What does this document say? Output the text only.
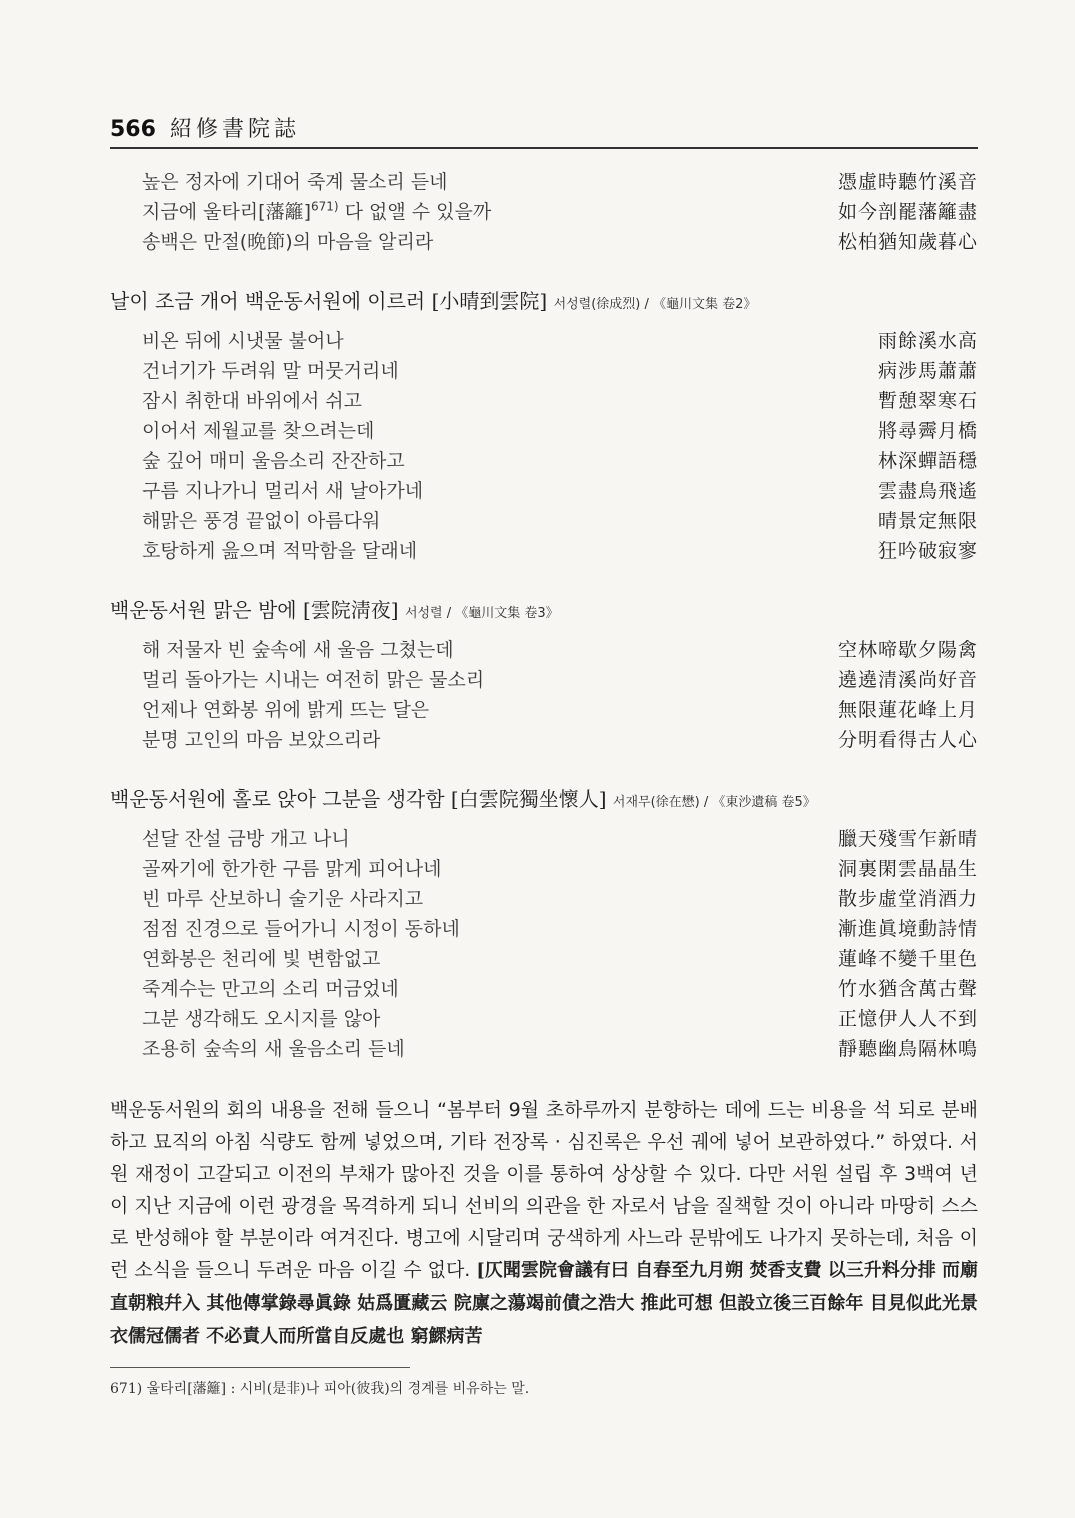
566 紹修書院誌
높은 정자에 기대어 죽계 물소리 듣네	憑虛時聽竹溪音
지금에 울타리[藩籬]$^{671)}$ 다 없앨 수 있을까	如今剖罷藩籬盡
송백은 만절(晩節)의 마음을 알리라	松柏猶知歲暮心
날이 조금 개어 백운동서원에 이르러 [小晴到雲院] 서성렬(徐成烈) / 《龜川文集 卷2》
비온 뒤에 시냇물 불어나	雨餘溪水高
건너기가 두려워 말 머뭇거리네	病涉馬蕭蕭
잠시 취한대 바위에서 쉬고	暫憩翠寒石
이어서 제월교를 찾으려는데	將尋霽月橋
숲 깊어 매미 울음소리 잔잔하고	林深蟬語穩
구름 지나가니 멀리서 새 날아가네	雲盡鳥飛遙
해맑은 풍경 끝없이 아름다워	晴景定無限
호탕하게 읊으며 적막함을 달래네	狂吟破寂寥
백운동서원 맑은 밤에 [雲院淸夜] 서성렬 / 《龜川文集 卷3》
해 저물자 빈 숲속에 새 울음 그쳤는데	空林啼歇夕陽禽
멀리 돌아가는 시내는 여전히 맑은 물소리	遶遶清溪尚好音
언제나 연화봉 위에 밝게 뜨는 달은	無限蓮花峰上月
분명 고인의 마음 보았으리라	分明看得古人心
백운동서원에 홀로 앉아 그분을 생각함 [白雲院獨坐懷人] 서재무(徐在懋) / 《東沙遺稿 卷5》
섣달 잔설 금방 개고 나니	臘天殘雪乍新晴
골짜기에 한가한 구름 맑게 피어나네	洞裏閑雲晶晶生
빈 마루 산보하니 술기운 사라지고	散步虛堂消酒力
점점 진경으로 들어가니 시정이 동하네	漸進眞境動詩情
연화봉은 천리에 빛 변함없고	蓮峰不變千里色
죽계수는 만고의 소리 머금었네	竹水猶含萬古聲
그분 생각해도 오시지를 않아	正憶伊人人不到
조용히 숲속의 새 울음소리 듣네	靜聽幽鳥隔林鳴
백운동서원의 회의 내용을 전해 들으니 “봄부터 9월 초하루까지 분향하는 데에 드는 비용을 석 되로 분배하고 묘직의 아침 식량도 함께 넣었으며, 기타 전장록 · 심진록은 우선 궤에 넣어 보관하였다.” 하였다. 서원 재정이 고갈되고 이전의 부채가 많아진 것을 이를 통하여 상상할 수 있다. 다만 서원 설립 후 3백여 년이 지난 지금에 이런 광경을 목격하게 되니 선비의 의관을 한 자로서 남을 질책할 것이 아니라 마땅히 스스로 반성해야 할 부분이라 여겨진다. 병고에 시달리며 궁색하게 사느라 문밖에도 나가지 못하는데, 처음 이런 소식을 들으니 두려운 마음 이길 수 없다. [仄聞雲院會議有曰 自春至九月朔 焚香支費 以三升料分排 而廟直朝粮幷入 其他傳掌錄尋眞錄 姑爲匱藏云 院廪之蕩竭前債之浩大 推此可想 但設立後三百餘年 目見似此光景 衣儒冠儒者 不必責人而所當自反處也 窮鰥病苦
671) 울타리[藩籬] : 시비(是非)나 피아(彼我)의 경계를 비유하는 말.
